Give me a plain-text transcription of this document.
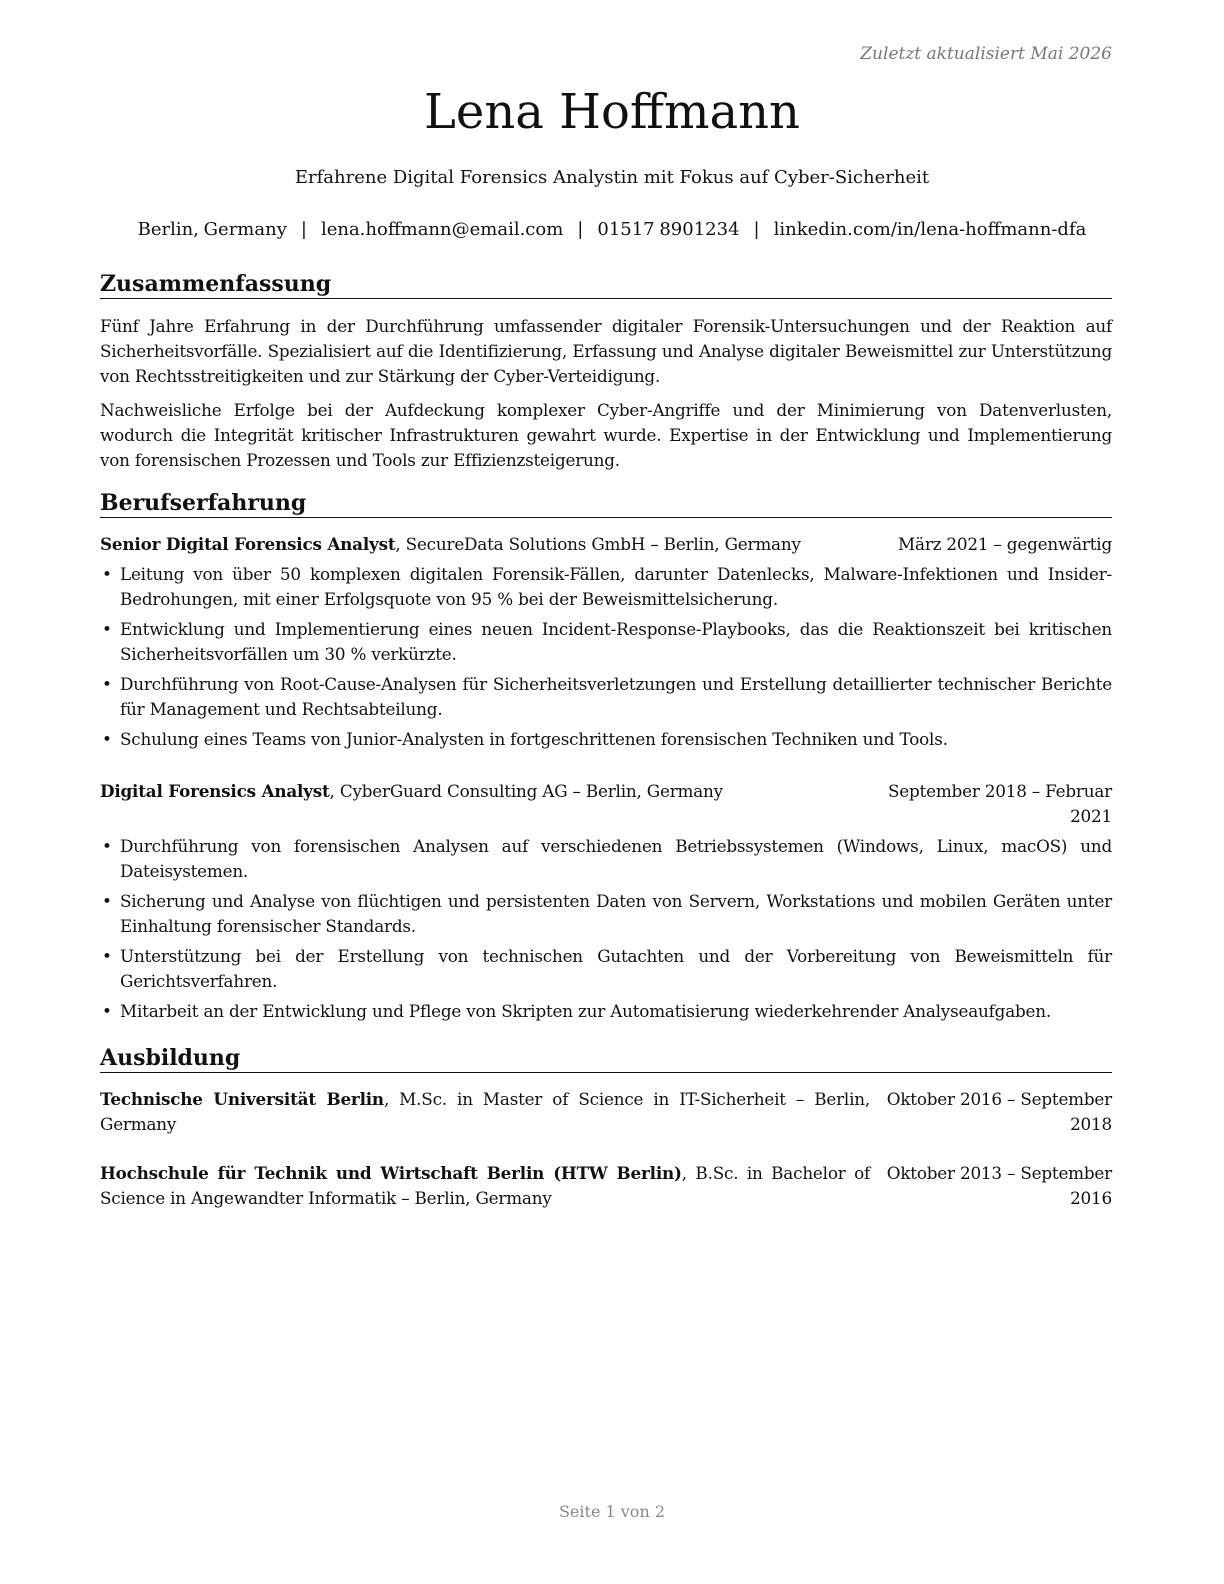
Zuletzt aktualisiert Mai 2026
Lena Hoffmann
Erfahrene Digital Forensics Analystin mit Fokus auf Cyber-Sicherheit
Berlin, Germany | lena.hoffmann@email.com | 01517 8901234 | linkedin.com/in/lena-hoffmann-dfa
Zusammenfassung
Fünf Jahre Erfahrung in der Durchführung umfassender digitaler Forensik-Untersuchungen und der Reaktion auf Sicherheitsvorfälle. Spezialisiert auf die Identifizierung, Erfassung und Analyse digitaler Beweismittel zur Unterstützung von Rechtsstreitigkeiten und zur Stärkung der Cyber-Verteidigung.
Nachweisliche Erfolge bei der Aufdeckung komplexer Cyber-Angriffe und der Minimierung von Datenverlusten, wodurch die Integrität kritischer Infrastrukturen gewahrt wurde. Expertise in der Entwicklung und Implementierung von forensischen Prozessen und Tools zur Effizienzsteigerung.
Berufserfahrung
Senior Digital Forensics Analyst, SecureData Solutions GmbH – Berlin, Germany	März 2021 – gegenwärtig
• Leitung von über 50 komplexen digitalen Forensik-Fällen, darunter Datenlecks, Malware-Infektionen und Insider-Bedrohungen, mit einer Erfolgsquote von 95 % bei der Beweismittelsicherung.
• Entwicklung und Implementierung eines neuen Incident-Response-Playbooks, das die Reaktionszeit bei kritischen Sicherheitsvorfällen um 30 % verkürzte.
• Durchführung von Root-Cause-Analysen für Sicherheitsverletzungen und Erstellung detaillierter technischer Berichte für Management und Rechtsabteilung.
• Schulung eines Teams von Junior-Analysten in fortgeschrittenen forensischen Techniken und Tools.
Digital Forensics Analyst, CyberGuard Consulting AG – Berlin, Germany	September 2018 – Februar
2021
• Durchführung von forensischen Analysen auf verschiedenen Betriebssystemen (Windows, Linux, macOS) und Dateisystemen.
• Sicherung und Analyse von flüchtigen und persistenten Daten von Servern, Workstations und mobilen Geräten unter Einhaltung forensischer Standards.
• Unterstützung bei der Erstellung von technischen Gutachten und der Vorbereitung von Beweismitteln für Gerichtsverfahren.
• Mitarbeit an der Entwicklung und Pflege von Skripten zur Automatisierung wiederkehrender Analyseaufgaben.
Ausbildung
Technische Universität Berlin, M.Sc. in Master of Science in IT-Sicherheit – Berlin, Germany
Oktober 2016 – September
2018
Hochschule für Technik und Wirtschaft Berlin (HTW Berlin), B.Sc. in Bachelor of Science in Angewandter Informatik – Berlin, Germany
Oktober 2013 – September
2016
Seite 1 von 2
